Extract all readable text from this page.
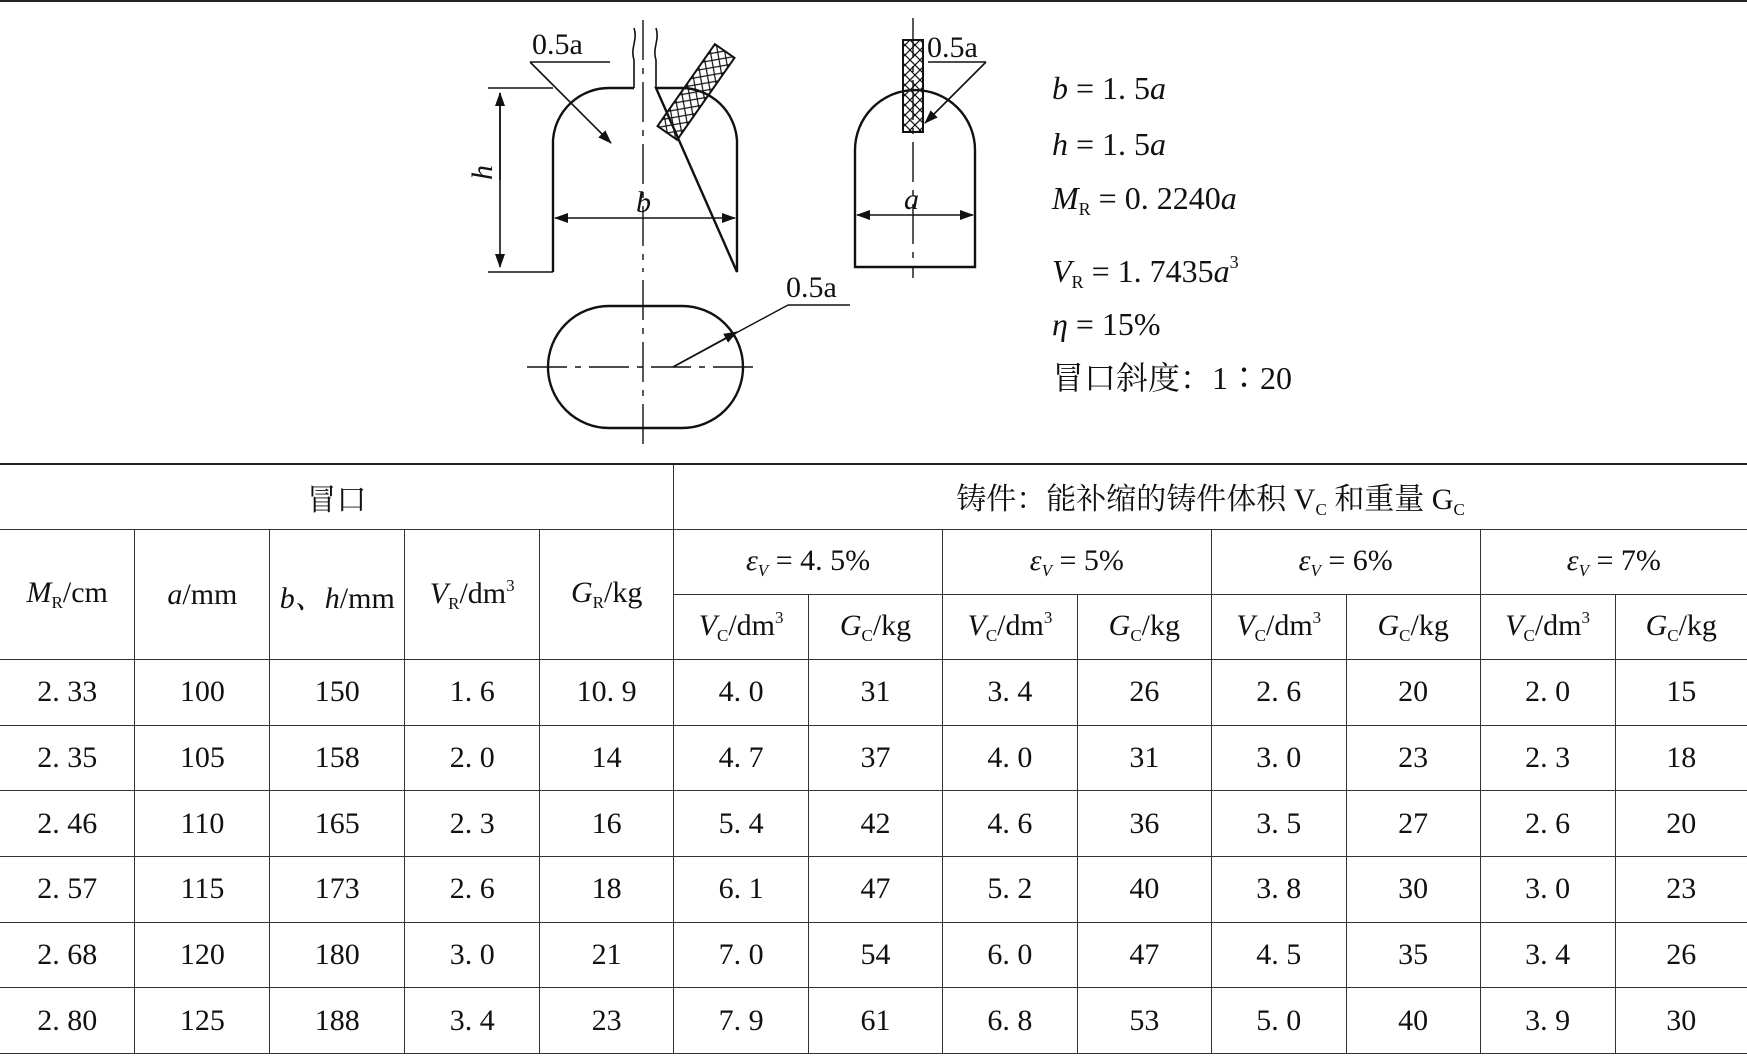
0.5a	0.5a
0.5a
h
b	a
b = 1. 5a
h = 1. 5a
$M_R = 0$. 2240a
$V_R = 1$. $7435a^3$
η = 15%
冒口斜度：1∶20
冒口					铸件：能补缩的铸件体积 $V_C$ 和重量 $G_C$
$M_R/cm$	a/mm	b、h/mm	$V_R/dm^3$	$G_R/kg$	$\varepsilon_V = 4$. 5%		$\varepsilon_V = 5\%$		$\varepsilon_V = 6\%$		$\varepsilon_V = 7\%$	
					$V_C/dm^3$	$G_C/kg$	$V_C/dm^3$	$G_C/kg$	$V_C/dm^3$	$G_C/kg$	$V_C/dm^3$	$G_C/kg$
2. 33	100	150	1. 6	10. 9	4. 0	31	3. 4	26	2. 6	20	2. 0	15
2. 35	105	158	2. 0	14	4. 7	37	4. 0	31	3. 0	23	2. 3	18
2. 46	110	165	2. 3	16	5. 4	42	4. 6	36	3. 5	27	2. 6	20
2. 57	115	173	2. 6	18	6. 1	47	5. 2	40	3. 8	30	3. 0	23
2. 68	120	180	3. 0	21	7. 0	54	6. 0	47	4. 5	35	3. 4	26
2. 80	125	188	3. 4	23	7. 9	61	6. 8	53	5. 0	40	3. 9	30
